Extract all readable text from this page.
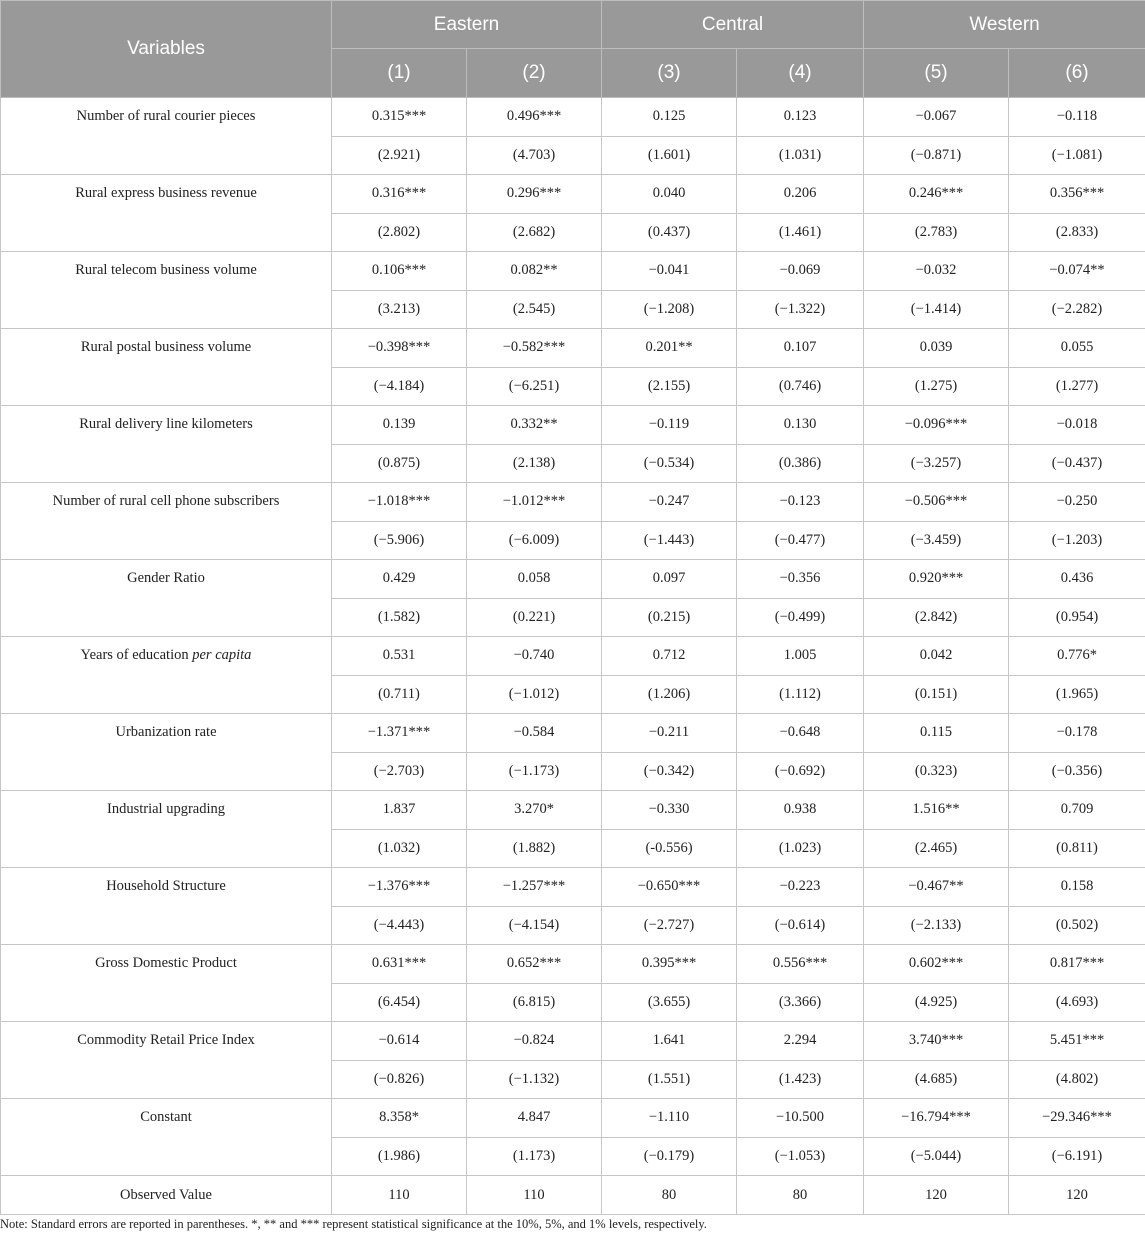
Variables	Eastern		Central		Western	
	(1)	(2)	(3)	(4)	(5)	(6)
Number of rural courier pieces	0.315***	0.496***	0.125	0.123	−0.067	−0.118
	(2.921)	(4.703)	(1.601)	(1.031)	(−0.871)	(−1.081)
Rural express business revenue	0.316***	0.296***	0.040	0.206	0.246***	0.356***
	(2.802)	(2.682)	(0.437)	(1.461)	(2.783)	(2.833)
Rural telecom business volume	0.106***	0.082**	−0.041	−0.069	−0.032	−0.074**
	(3.213)	(2.545)	(−1.208)	(−1.322)	(−1.414)	(−2.282)
Rural postal business volume	−0.398***	−0.582***	0.201**	0.107	0.039	0.055
	(−4.184)	(−6.251)	(2.155)	(0.746)	(1.275)	(1.277)
Rural delivery line kilometers	0.139	0.332**	−0.119	0.130	−0.096***	−0.018
	(0.875)	(2.138)	(−0.534)	(0.386)	(−3.257)	(−0.437)
Number of rural cell phone subscribers	−1.018***	−1.012***	−0.247	−0.123	−0.506***	−0.250
	(−5.906)	(−6.009)	(−1.443)	(−0.477)	(−3.459)	(−1.203)
Gender Ratio	0.429	0.058	0.097	−0.356	0.920***	0.436
	(1.582)	(0.221)	(0.215)	(−0.499)	(2.842)	(0.954)
Years of education per capita	0.531	−0.740	0.712	1.005	0.042	0.776*
	(0.711)	(−1.012)	(1.206)	(1.112)	(0.151)	(1.965)
Urbanization rate	−1.371***	−0.584	−0.211	−0.648	0.115	−0.178
	(−2.703)	(−1.173)	(−0.342)	(−0.692)	(0.323)	(−0.356)
Industrial upgrading	1.837	3.270*	−0.330	0.938	1.516**	0.709
	(1.032)	(1.882)	(-0.556)	(1.023)	(2.465)	(0.811)
Household Structure	−1.376***	−1.257***	−0.650***	−0.223	−0.467**	0.158
	(−4.443)	(−4.154)	(−2.727)	(−0.614)	(−2.133)	(0.502)
Gross Domestic Product	0.631***	0.652***	0.395***	0.556***	0.602***	0.817***
	(6.454)	(6.815)	(3.655)	(3.366)	(4.925)	(4.693)
Commodity Retail Price Index	−0.614	−0.824	1.641	2.294	3.740***	5.451***
	(−0.826)	(−1.132)	(1.551)	(1.423)	(4.685)	(4.802)
Constant	8.358*	4.847	−1.110	−10.500	−16.794***	−29.346***
	(1.986)	(1.173)	(−0.179)	(−1.053)	(−5.044)	(−6.191)
Observed Value	110	110	80	80	120	120
Note: Standard errors are reported in parentheses. *, ** and *** represent statistical significance at the 10%, 5%, and 1% levels, respectively.
